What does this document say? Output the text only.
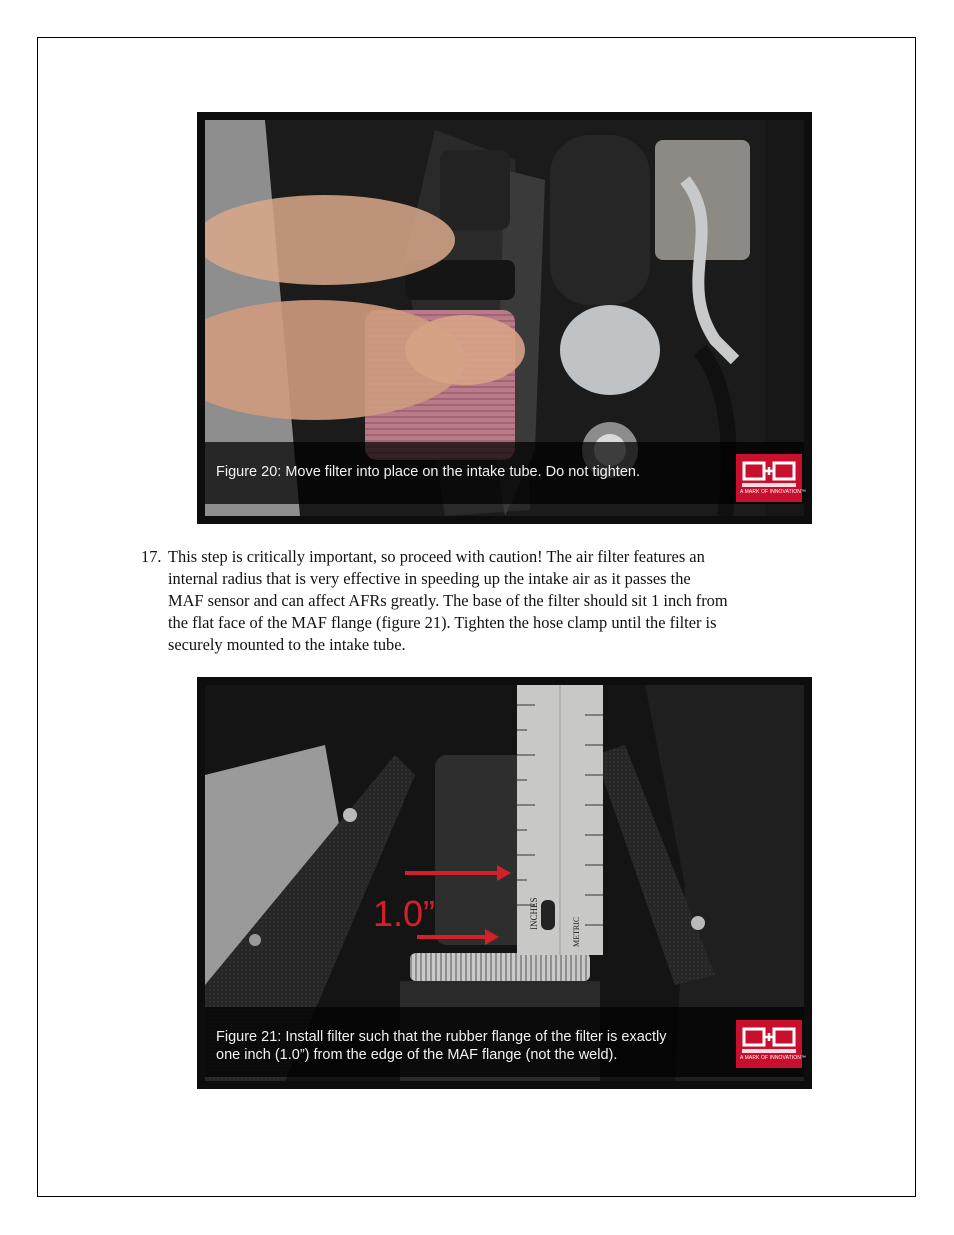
Figure 20: Move filter into place on the intake tube. Do not tighten.
A MARK OF INNOVATION™
17. This step is critically important, so proceed with caution! The air filter features an
internal radius that is very effective in speeding up the intake air as it passes the
MAF sensor and can affect AFRs greatly. The base of the filter should sit 1 inch from
the flat face of the MAF flange (figure 21). Tighten the hose clamp until the filter is
securely mounted to the intake tube.
INCHES
METRIC
1.0”
Figure 21: Install filter such that the rubber flange of the filter is exactly
one inch (1.0”) from the edge of the MAF flange (not the weld).	A MARK OF INNOVATION™
